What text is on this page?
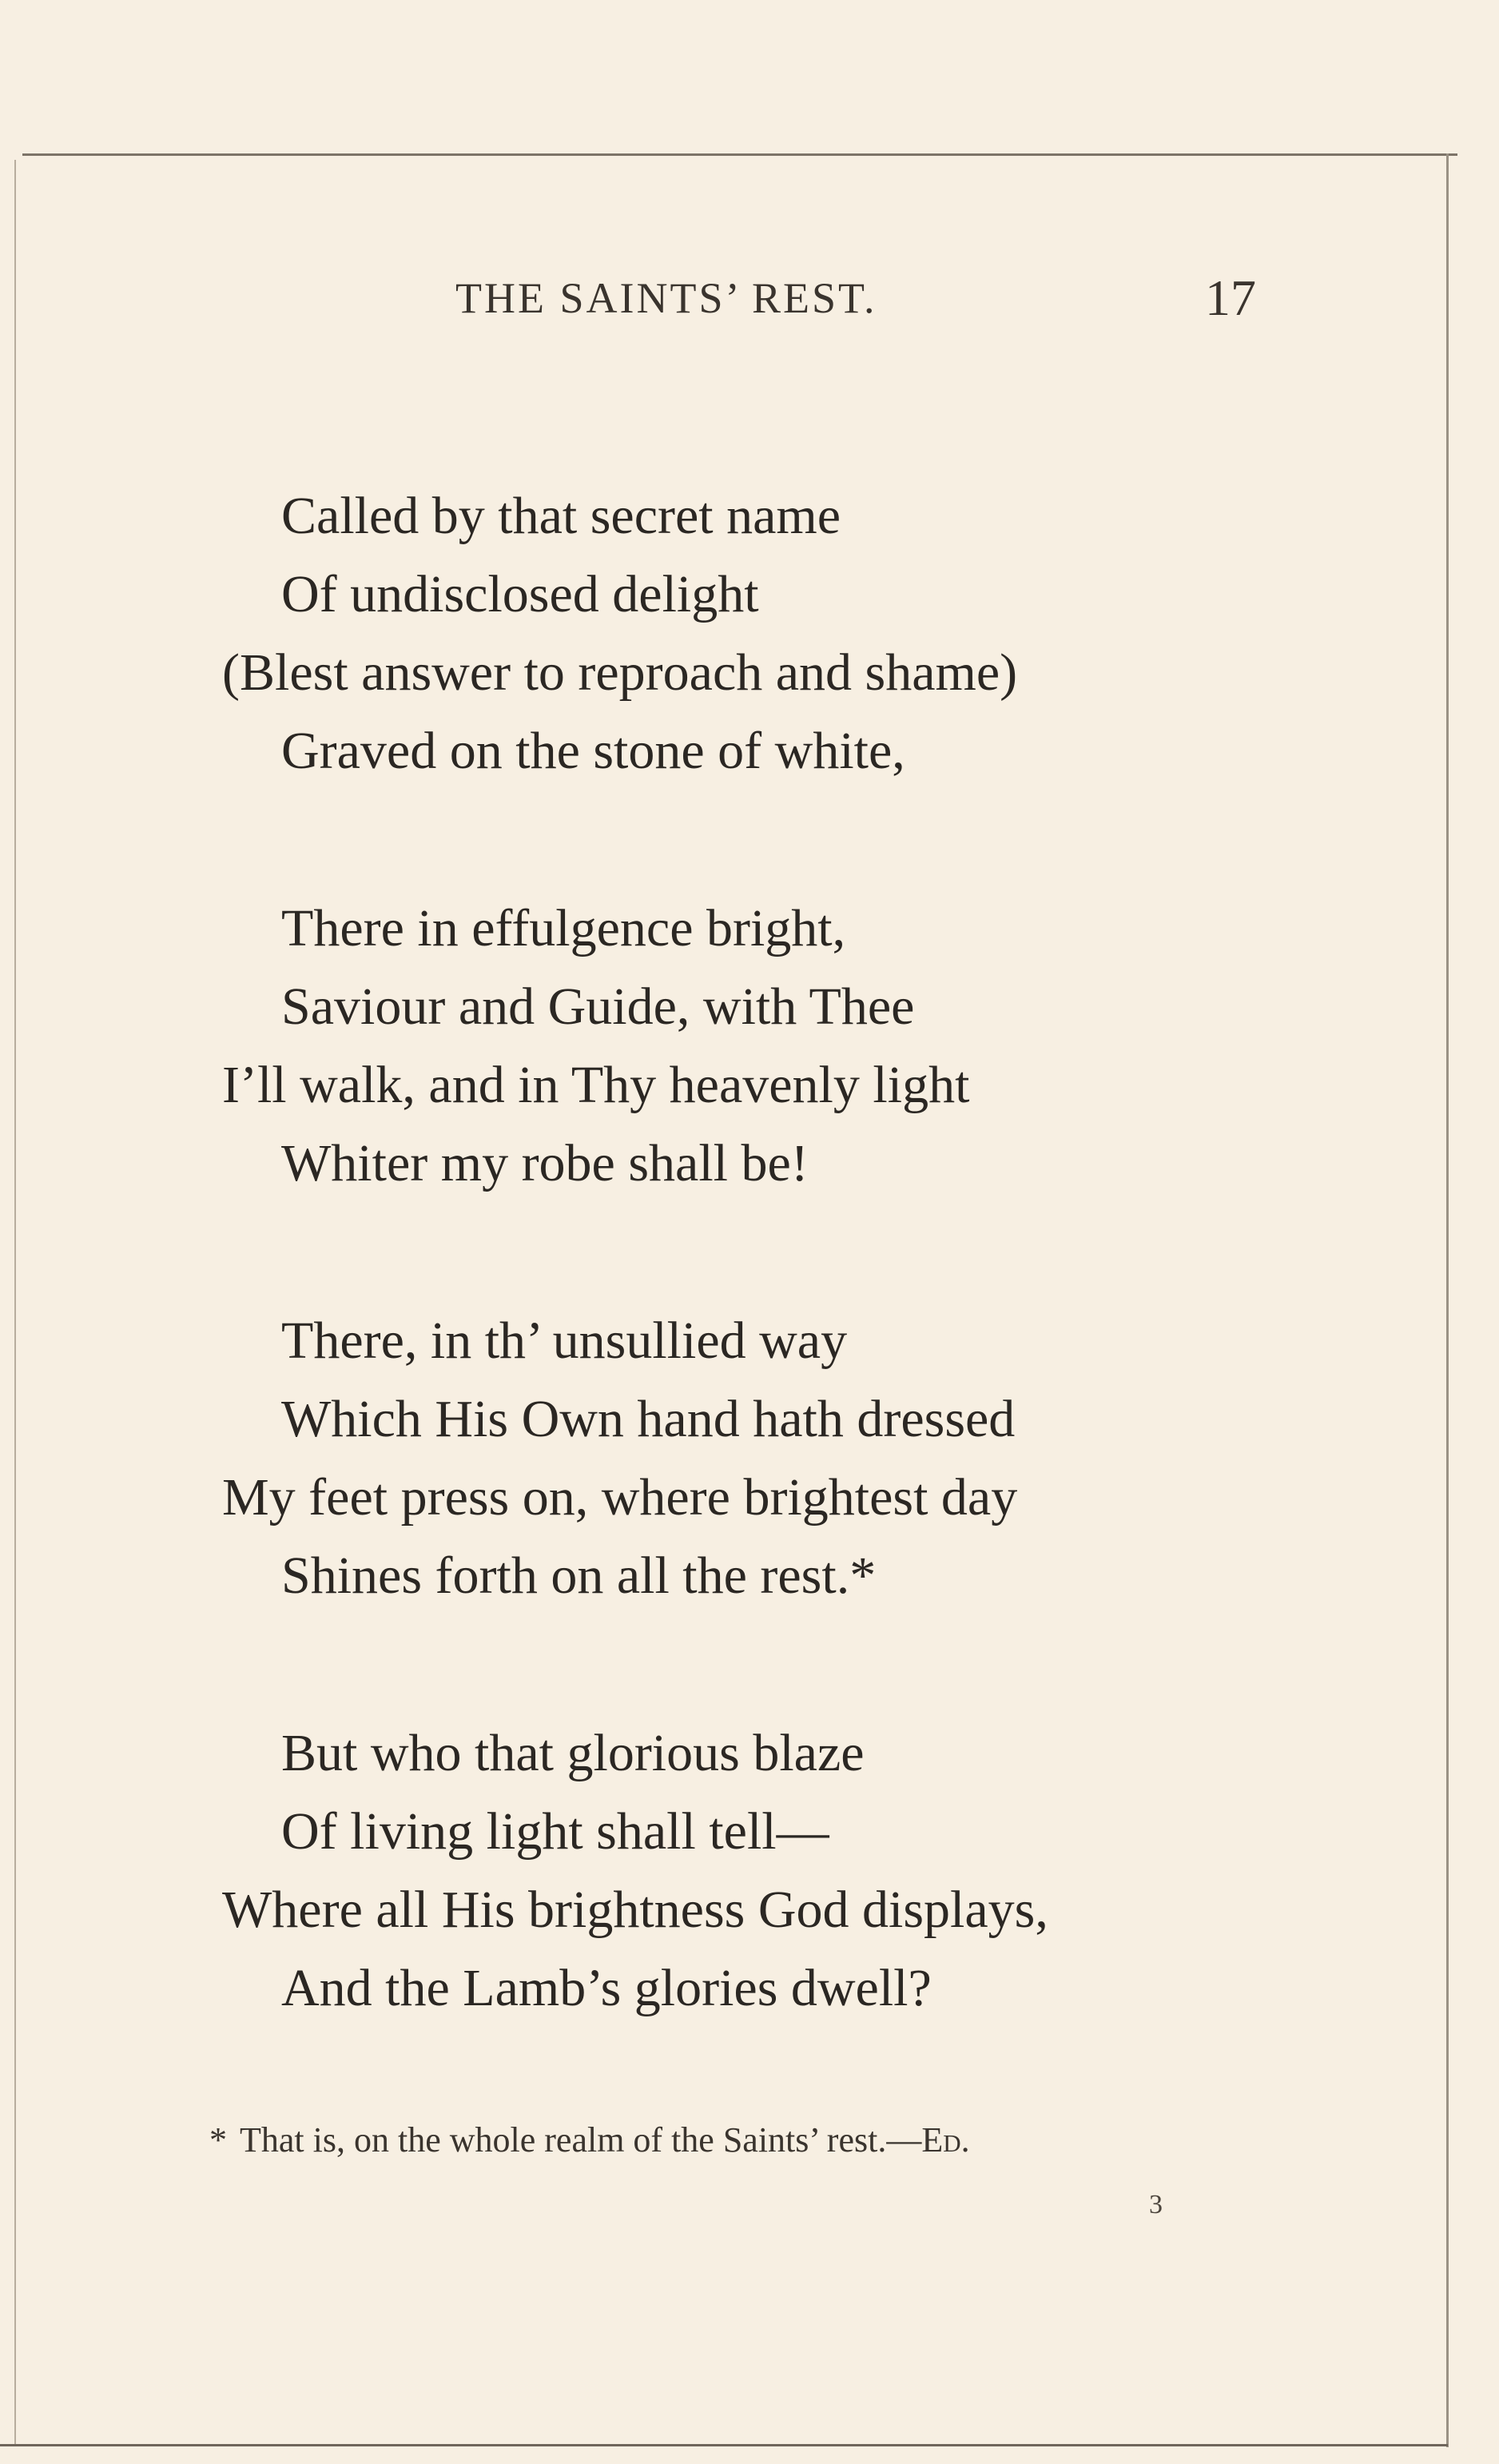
THE SAINTS’ REST.	17
Called by that secret name
Of undisclosed delight
(Blest answer to reproach and shame)
Graved on the stone of white,
There in effulgence bright,
Saviour and Guide, with Thee
I’ll walk, and in Thy heavenly light
Whiter my robe shall be!
There, in th’ unsullied way
Which His Own hand hath dressed
My feet press on, where brightest day
Shines forth on all the rest.*
But who that glorious blaze
Of living light shall tell—
Where all His brightness God displays,
And the Lamb’s glories dwell?
* That is, on the whole realm of the Saints’ rest.—Ed.
3
